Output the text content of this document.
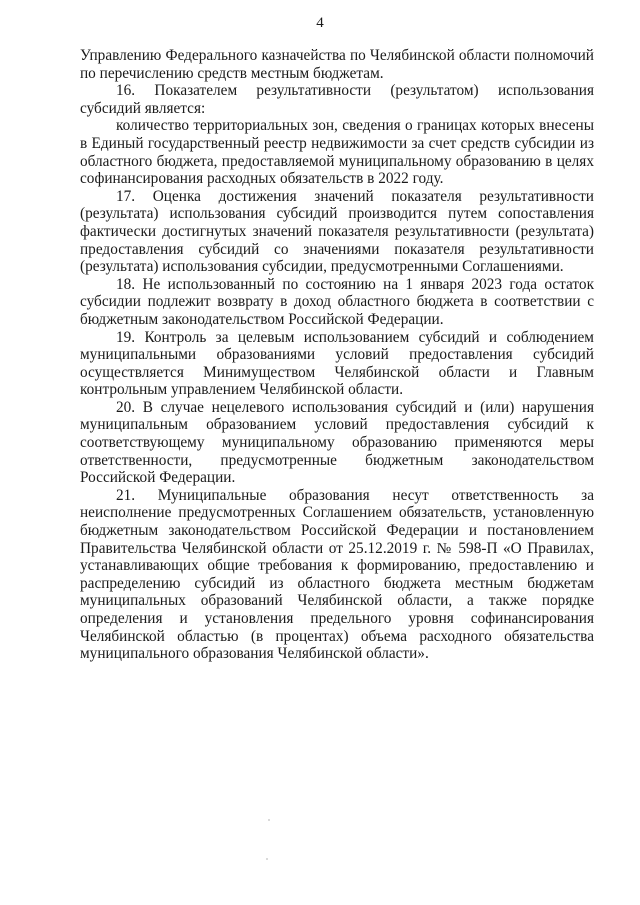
4

Управлению Федерального казначейства по Челябинской области полномочий по перечислению средств местным бюджетам.

16. Показателем результативности (результатом) использования субсидий является:

количество территориальных зон, сведения о границах которых внесены в Единый государственный реестр недвижимости за счет средств субсидии из областного бюджета, предоставляемой муниципальному образованию в целях софинансирования расходных обязательств в 2022 году.

17. Оценка достижения значений показателя результативности (результата) использования субсидий производится путем сопоставления фактически достигнутых значений показателя результативности (результата) предоставления субсидий со значениями показателя результативности (результата) использования субсидии, предусмотренными Соглашениями.

18. Не использованный по состоянию на 1 января 2023 года остаток субсидии подлежит возврату в доход областного бюджета в соответствии с бюджетным законодательством Российской Федерации.

19. Контроль за целевым использованием субсидий и соблюдением муниципальными образованиями условий предоставления субсидий осуществляется Минимуществом Челябинской области и Главным контрольным управлением Челябинской области.

20. В случае нецелевого использования субсидий и (или) нарушения муниципальным образованием условий предоставления субсидий к соответствующему муниципальному образованию применяются меры ответственности, предусмотренные бюджетным законодательством Российской Федерации.

21. Муниципальные образования несут ответственность за неисполнение предусмотренных Соглашением обязательств, установленную бюджетным законодательством Российской Федерации и постановлением Правительства Челябинской области от 25.12.2019 г. № 598-П «О Правилах, устанавливающих общие требования к формированию, предоставлению и распределению субсидий из областного бюджета местным бюджетам муниципальных образований Челябинской области, а также порядке определения и установления предельного уровня софинансирования Челябинской областью (в процентах) объема расходного обязательства муниципального образования Челябинской области».
